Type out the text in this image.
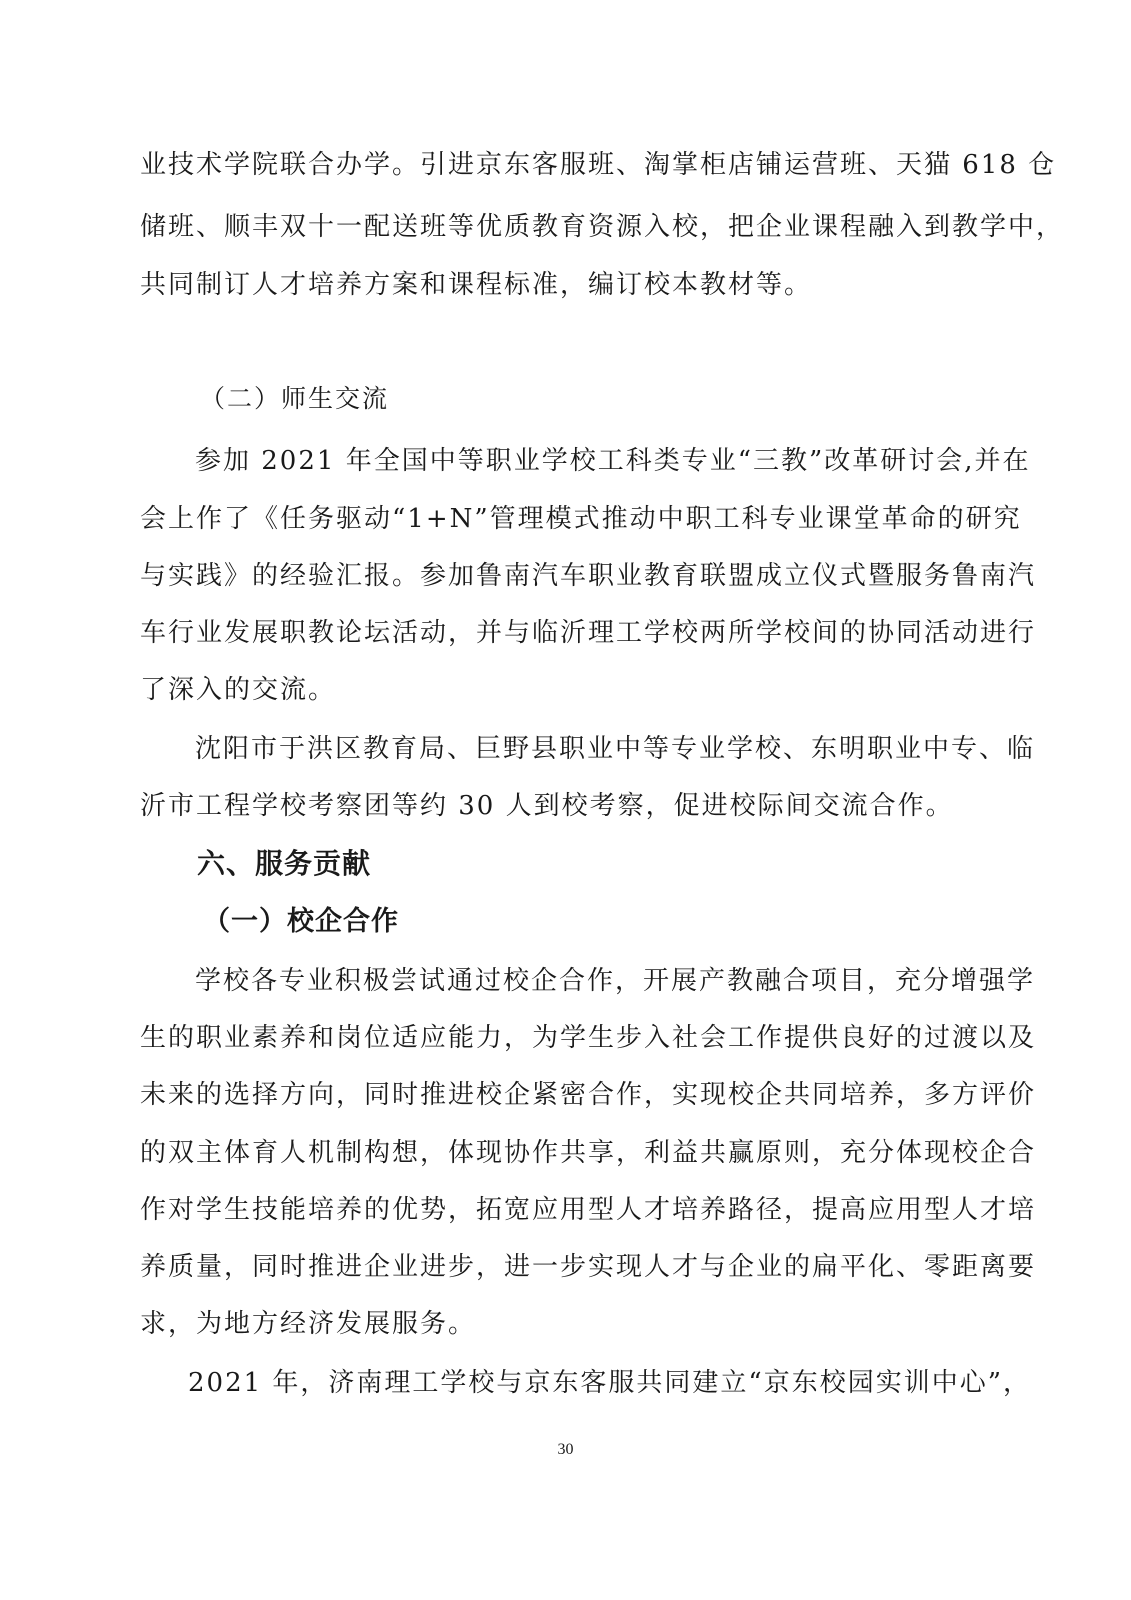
业技术学院联合办学。引进京东客服班、淘掌柜店铺运营班、天猫 618 仓
储班、顺丰双十一配送班等优质教育资源入校，把企业课程融入到教学中，
共同制订人才培养方案和课程标准，编订校本教材等。
（二）师生交流
参加 2021 年全国中等职业学校工科类专业“三教”改革研讨会,并在
会上作了《任务驱动“1+N”管理模式推动中职工科专业课堂革命的研究
与实践》的经验汇报。参加鲁南汽车职业教育联盟成立仪式暨服务鲁南汽
车行业发展职教论坛活动，并与临沂理工学校两所学校间的协同活动进行
了深入的交流。
沈阳市于洪区教育局、巨野县职业中等专业学校、东明职业中专、临
沂市工程学校考察团等约 30 人到校考察，促进校际间交流合作。
六、服务贡献
（一）校企合作
学校各专业积极尝试通过校企合作，开展产教融合项目，充分增强学
生的职业素养和岗位适应能力，为学生步入社会工作提供良好的过渡以及
未来的选择方向，同时推进校企紧密合作，实现校企共同培养，多方评价
的双主体育人机制构想，体现协作共享，利益共赢原则，充分体现校企合
作对学生技能培养的优势，拓宽应用型人才培养路径，提高应用型人才培
养质量，同时推进企业进步，进一步实现人才与企业的扁平化、零距离要
求，为地方经济发展服务。
2021 年，济南理工学校与京东客服共同建立“京东校园实训中心”，
30
